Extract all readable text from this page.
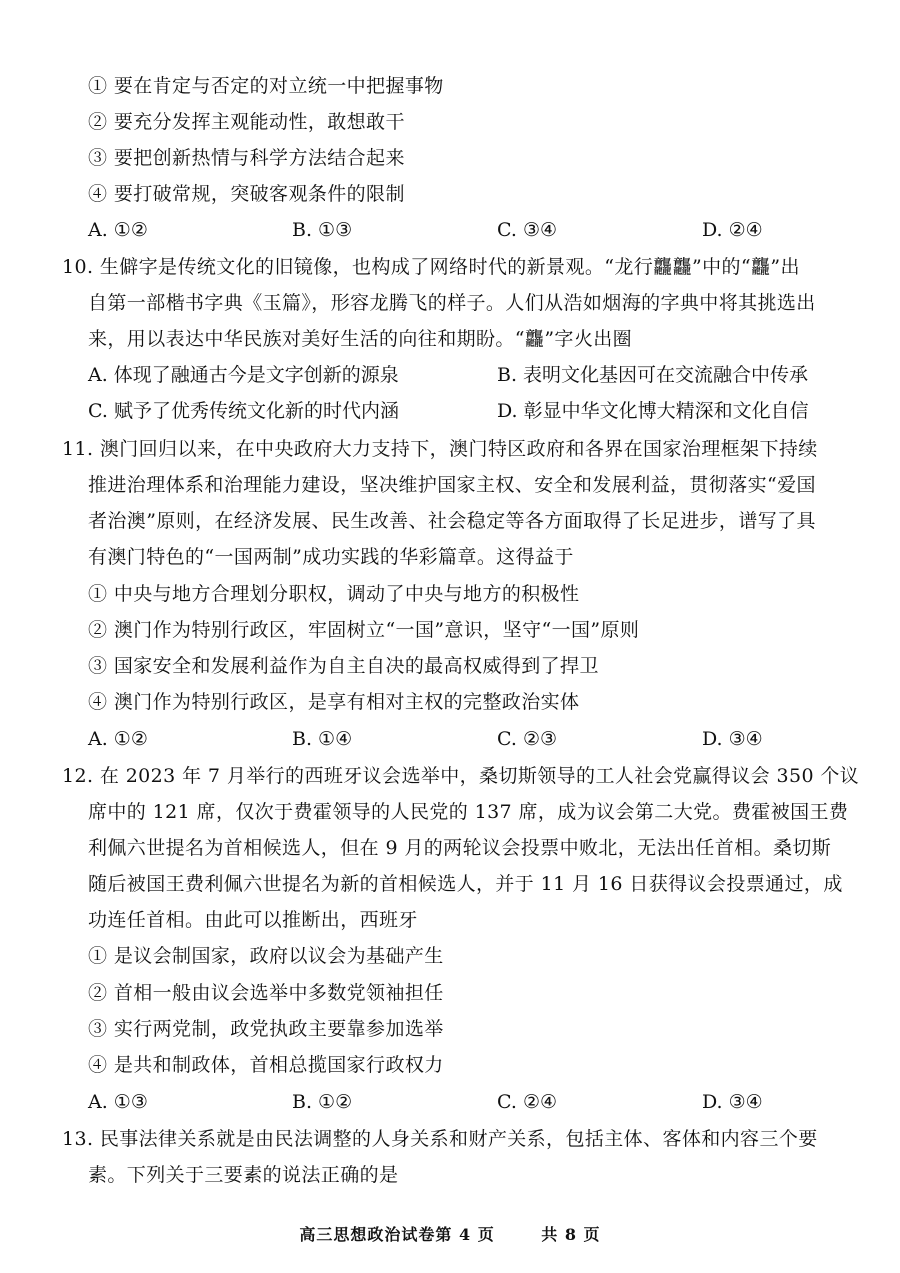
① 要在肯定与否定的对立统一中把握事物
② 要充分发挥主观能动性，敢想敢干
③ 要把创新热情与科学方法结合起来
④ 要打破常规，突破客观条件的限制
A. ①②	B. ①③	C. ③④	D. ②④
10. 生僻字是传统文化的旧镜像，也构成了网络时代的新景观。“龙行龘龘”中的“龘”出
自第一部楷书字典《玉篇》，形容龙腾飞的样子。人们从浩如烟海的字典中将其挑选出
来，用以表达中华民族对美好生活的向往和期盼。“龘”字火出圈
A. 体现了融通古今是文字创新的源泉	B. 表明文化基因可在交流融合中传承
C. 赋予了优秀传统文化新的时代内涵	D. 彰显中华文化博大精深和文化自信
11. 澳门回归以来，在中央政府大力支持下，澳门特区政府和各界在国家治理框架下持续
推进治理体系和治理能力建设，坚决维护国家主权、安全和发展利益，贯彻落实“爱国
者治澳”原则，在经济发展、民生改善、社会稳定等各方面取得了长足进步，谱写了具
有澳门特色的“一国两制”成功实践的华彩篇章。这得益于
① 中央与地方合理划分职权，调动了中央与地方的积极性
② 澳门作为特别行政区，牢固树立“一国”意识，坚守“一国”原则
③ 国家安全和发展利益作为自主自决的最高权威得到了捍卫
④ 澳门作为特别行政区，是享有相对主权的完整政治实体
A. ①②	B. ①④	C. ②③	D. ③④
12. 在 2023 年 7 月举行的西班牙议会选举中，桑切斯领导的工人社会党赢得议会 350 个议
席中的 121 席，仅次于费霍领导的人民党的 137 席，成为议会第二大党。费霍被国王费
利佩六世提名为首相候选人，但在 9 月的两轮议会投票中败北，无法出任首相。桑切斯
随后被国王费利佩六世提名为新的首相候选人，并于 11 月 16 日获得议会投票通过，成
功连任首相。由此可以推断出，西班牙
① 是议会制国家，政府以议会为基础产生
② 首相一般由议会选举中多数党领袖担任
③ 实行两党制，政党执政主要靠参加选举
④ 是共和制政体，首相总揽国家行政权力
A. ①③	B. ①②	C. ②④	D. ③④
13. 民事法律关系就是由民法调整的人身关系和财产关系，包括主体、客体和内容三个要
素。下列关于三要素的说法正确的是
高三思想政治试卷第 4 页	共 8 页
